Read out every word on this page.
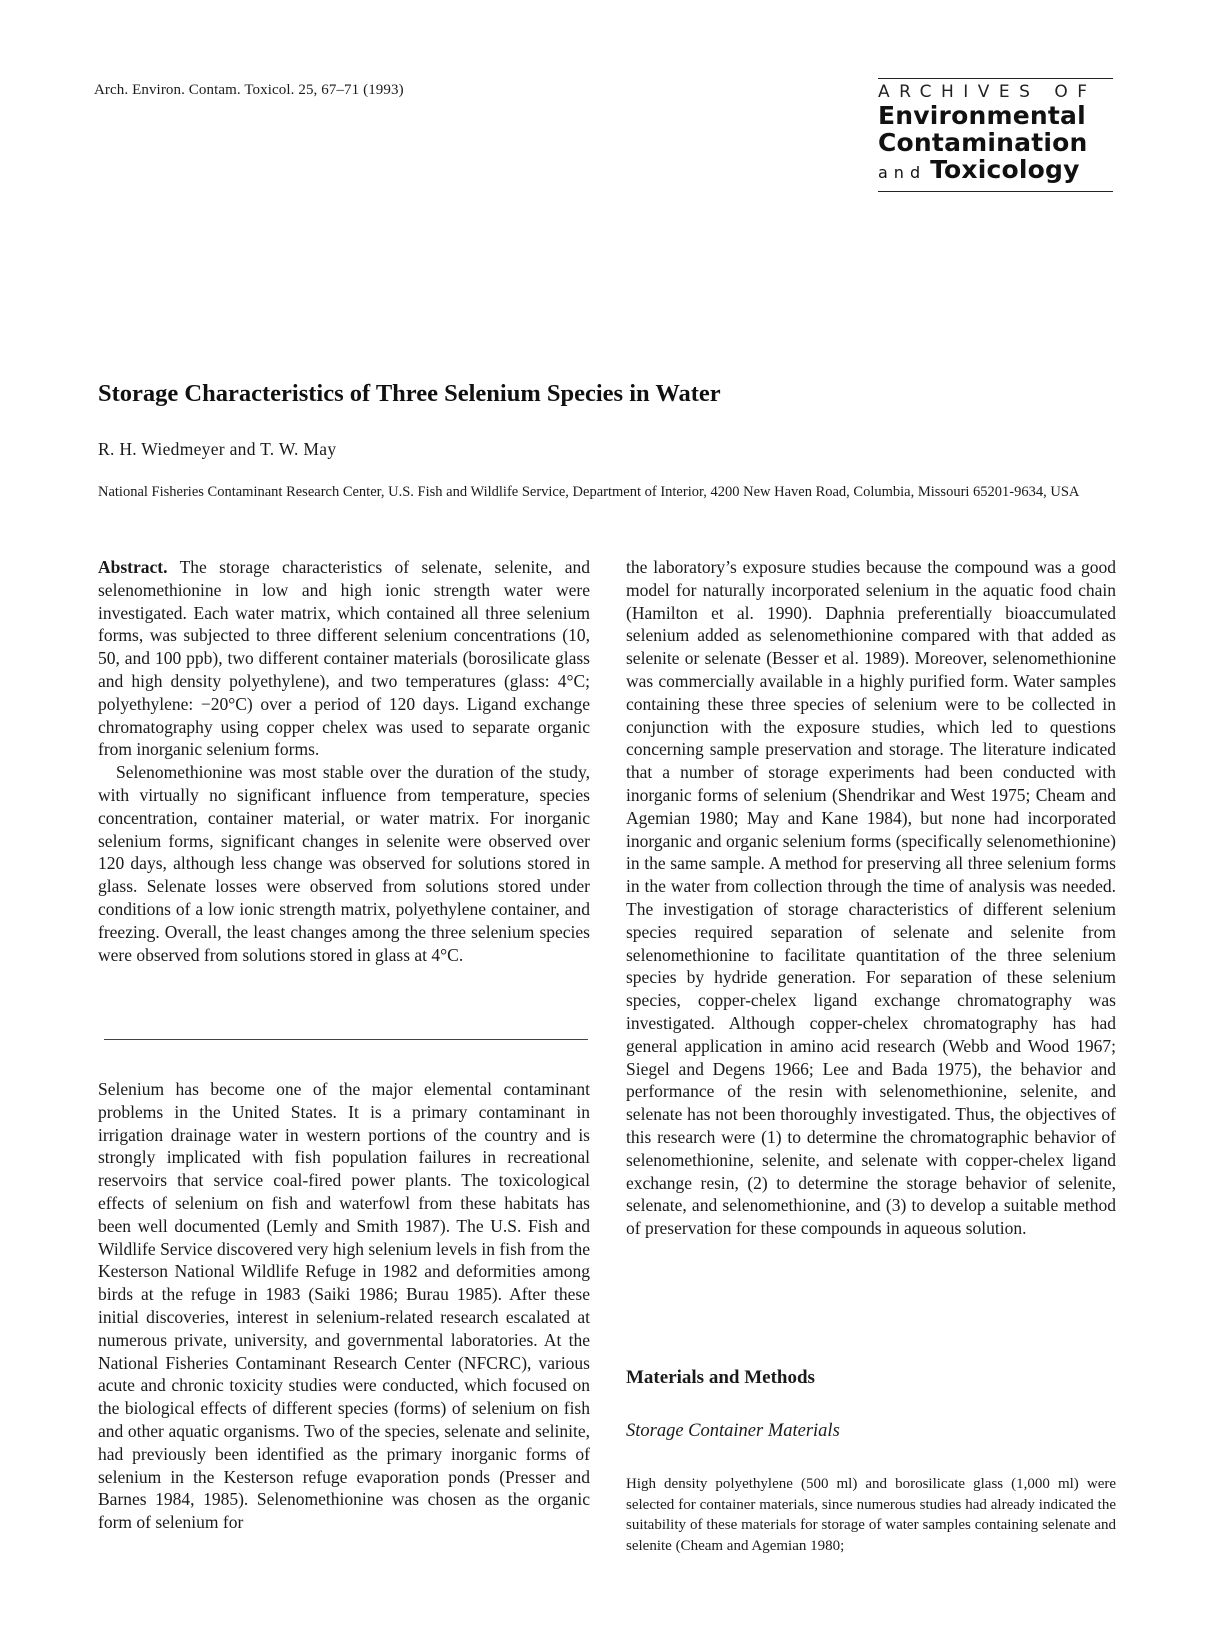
Arch. Environ. Contam. Toxicol. 25, 67–71 (1993)	ARCHIVES OF
Environmental
Contamination
and Toxicology
Storage Characteristics of Three Selenium Species in Water
R. H. Wiedmeyer and T. W. May
National Fisheries Contaminant Research Center, U.S. Fish and Wildlife Service, Department of Interior, 4200 New Haven Road, Columbia, Missouri 65201-9634, USA

Abstract. The storage characteristics of selenate, selenite, and selenomethionine in low and high ionic strength water were investigated. Each water matrix, which contained all three selenium forms, was subjected to three different selenium concentrations (10, 50, and 100 ppb), two different container materials (borosilicate glass and high density polyethylene), and two temperatures (glass: 4°C; polyethylene: −20°C) over a period of 120 days. Ligand exchange chromatography using copper chelex was used to separate organic from inorganic selenium forms.

Selenomethionine was most stable over the duration of the study, with virtually no significant influence from temperature, species concentration, container material, or water matrix. For inorganic selenium forms, significant changes in selenite were observed over 120 days, although less change was observed for solutions stored in glass. Selenate losses were observed from solutions stored under conditions of a low ionic strength matrix, polyethylene container, and freezing. Overall, the least changes among the three selenium species were observed from solutions stored in glass at 4°C.

Selenium has become one of the major elemental contaminant problems in the United States. It is a primary contaminant in irrigation drainage water in western portions of the country and is strongly implicated with fish population failures in recreational reservoirs that service coal-fired power plants. The toxicological effects of selenium on fish and waterfowl from these habitats has been well documented (Lemly and Smith 1987). The U.S. Fish and Wildlife Service discovered very high selenium levels in fish from the Kesterson National Wildlife Refuge in 1982 and deformities among birds at the refuge in 1983 (Saiki 1986; Burau 1985). After these initial discoveries, interest in selenium-related research escalated at numerous private, university, and governmental laboratories. At the National Fisheries Contaminant Research Center (NFCRC), various acute and chronic toxicity studies were conducted, which focused on the biological effects of different species (forms) of selenium on fish and other aquatic organisms. Two of the species, selenate and selinite, had previously been identified as the primary inorganic forms of selenium in the Kesterson refuge evaporation ponds (Presser and Barnes 1984, 1985). Selenomethionine was chosen as the organic form of selenium for

the laboratory’s exposure studies because the compound was a good model for naturally incorporated selenium in the aquatic food chain (Hamilton et al. 1990). Daphnia preferentially bioaccumulated selenium added as selenomethionine compared with that added as selenite or selenate (Besser et al. 1989). Moreover, selenomethionine was commercially available in a highly purified form. Water samples containing these three species of selenium were to be collected in conjunction with the exposure studies, which led to questions concerning sample preservation and storage. The literature indicated that a number of storage experiments had been conducted with inorganic forms of selenium (Shendrikar and West 1975; Cheam and Agemian 1980; May and Kane 1984), but none had incorporated inorganic and organic selenium forms (specifically selenomethionine) in the same sample. A method for preserving all three selenium forms in the water from collection through the time of analysis was needed. The investigation of storage characteristics of different selenium species required separation of selenate and selenite from selenomethionine to facilitate quantitation of the three selenium species by hydride generation. For separation of these selenium species, copper-chelex ligand exchange chromatography was investigated. Although copper-chelex chromatography has had general application in amino acid research (Webb and Wood 1967; Siegel and Degens 1966; Lee and Bada 1975), the behavior and performance of the resin with selenomethionine, selenite, and selenate has not been thoroughly investigated. Thus, the objectives of this research were (1) to determine the chromatographic behavior of selenomethionine, selenite, and selenate with copper-chelex ligand exchange resin, (2) to determine the storage behavior of selenite, selenate, and selenomethionine, and (3) to develop a suitable method of preservation for these compounds in aqueous solution.

Materials and Methods
Storage Container Materials

High density polyethylene (500 ml) and borosilicate glass (1,000 ml) were selected for container materials, since numerous studies had already indicated the suitability of these materials for storage of water samples containing selenate and selenite (Cheam and Agemian 1980;
